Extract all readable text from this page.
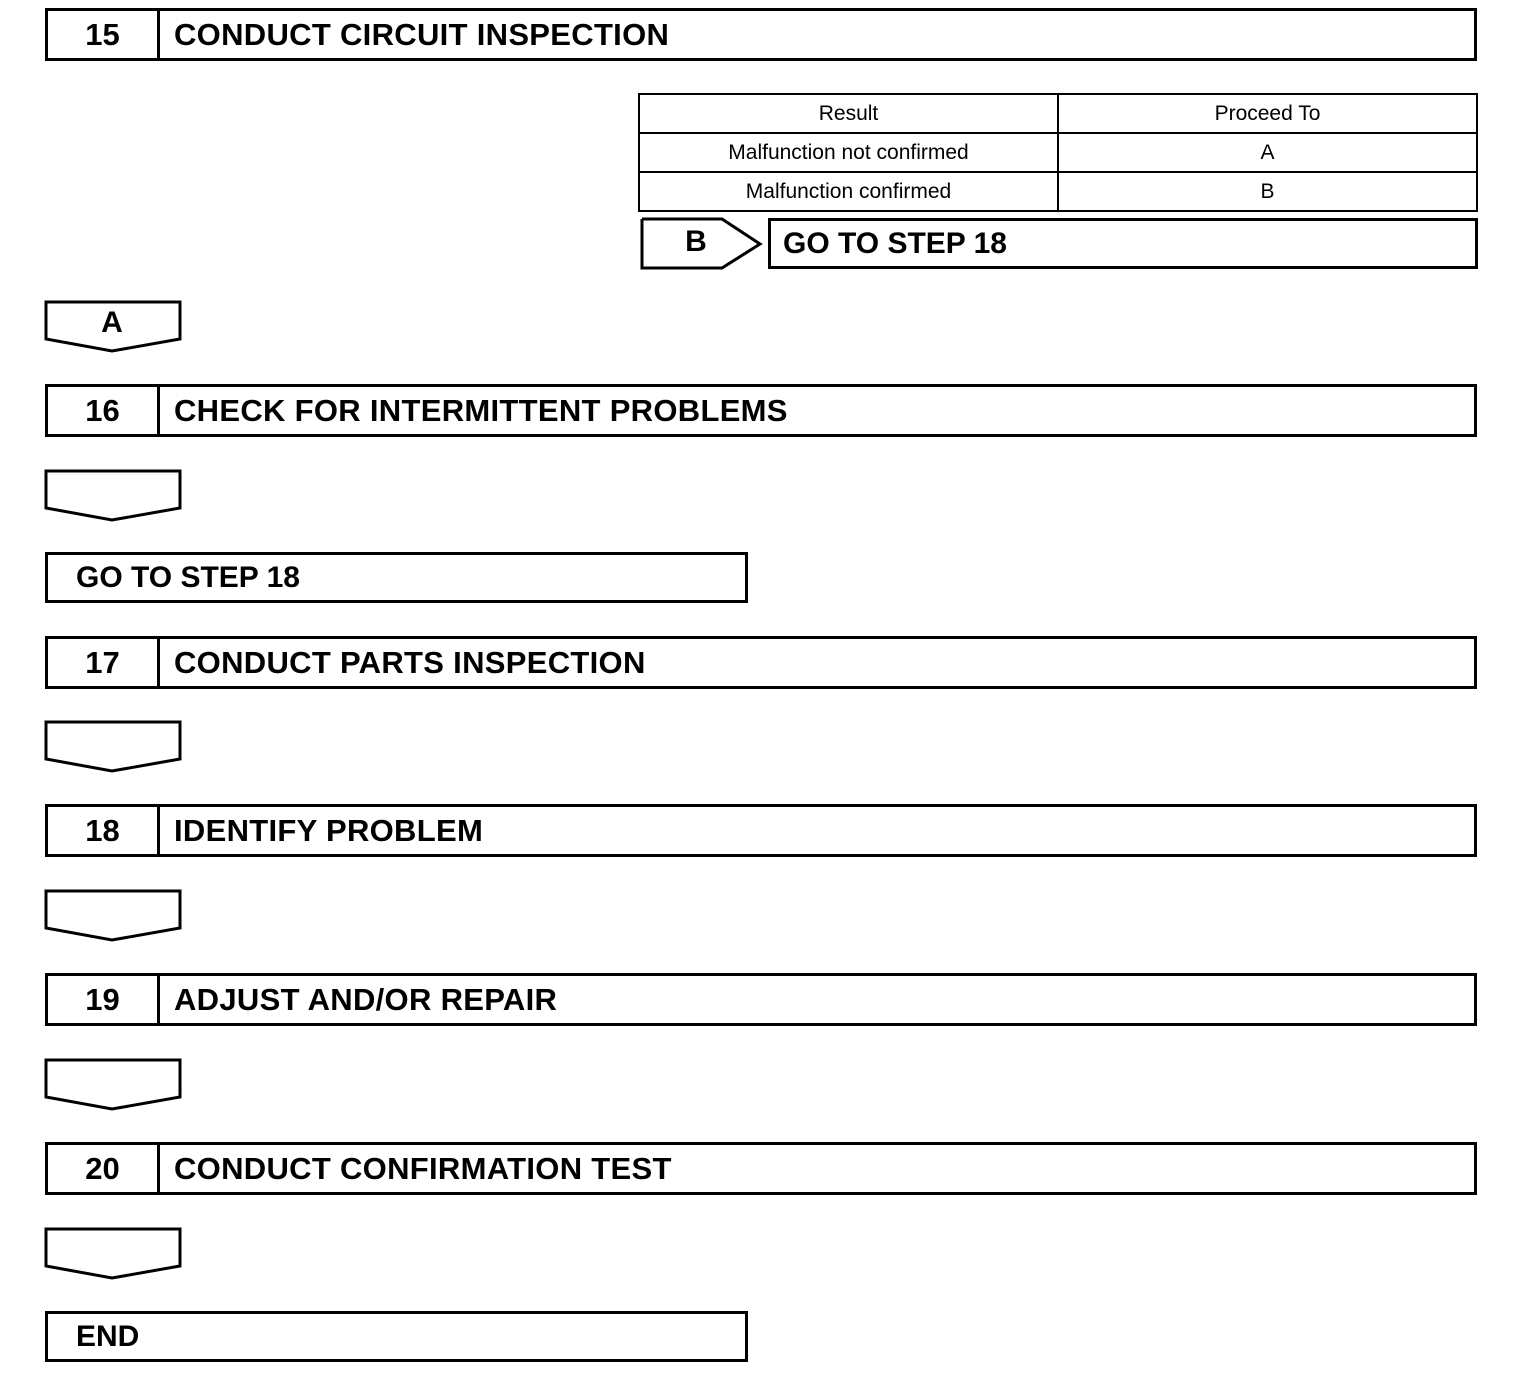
15	CONDUCT CIRCUIT INSPECTION
Result	Proceed To
Malfunction not confirmed	A
Malfunction confirmed	B
B	GO TO STEP 18
A
16	CHECK FOR INTERMITTENT PROBLEMS
GO TO STEP 18
17	CONDUCT PARTS INSPECTION
18	IDENTIFY PROBLEM
19	ADJUST AND/OR REPAIR
20	CONDUCT CONFIRMATION TEST
END
